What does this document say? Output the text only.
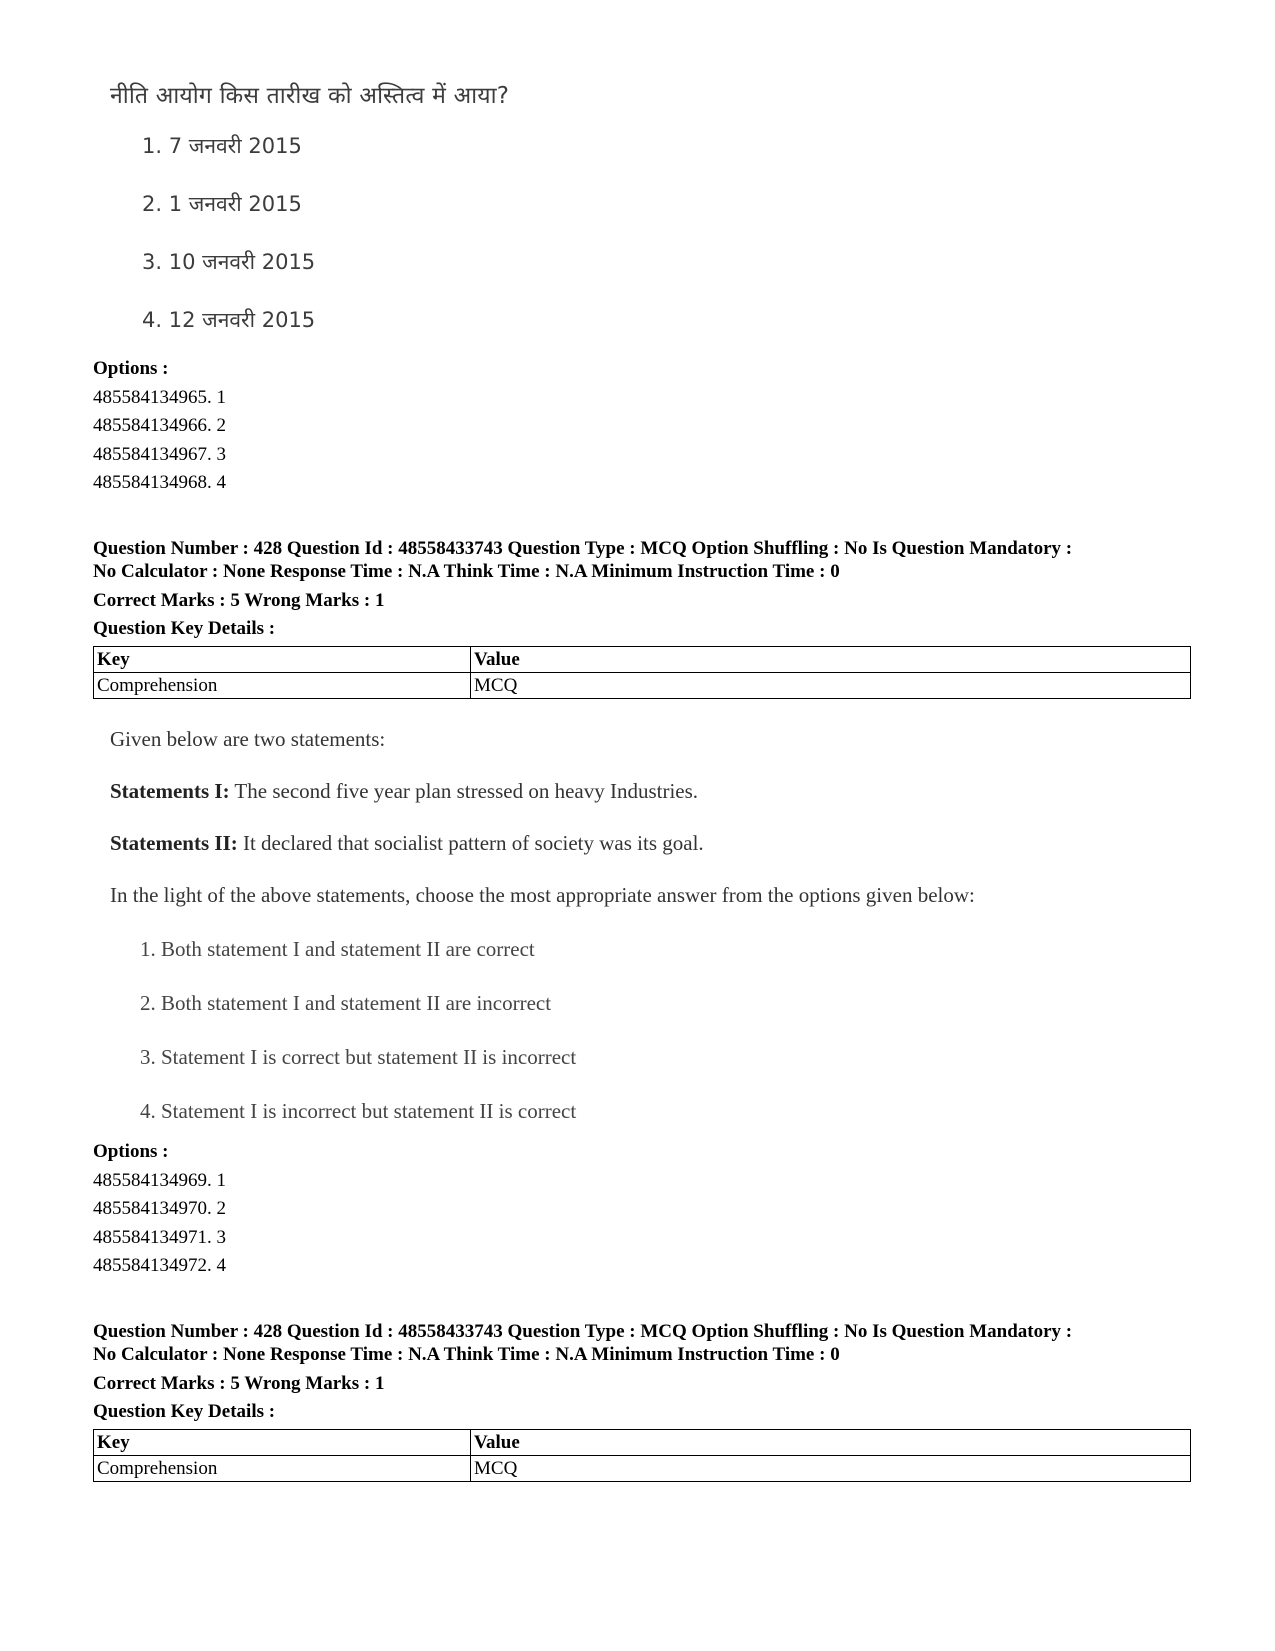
नीति आयोग किस तारीख को अस्तित्व में आया?

1. 7 जनवरी 2015
2. 1 जनवरी 2015
3. 10 जनवरी 2015
4. 12 जनवरी 2015
Options :
485584134965. 1
485584134966. 2
485584134967. 3
485584134968. 4
Question Number : 428 Question Id : 48558433743 Question Type : MCQ Option Shuffling : No Is Question Mandatory :
No Calculator : None Response Time : N.A Think Time : N.A Minimum Instruction Time : 0
Correct Marks : 5 Wrong Marks : 1
Question Key Details :
Key	Value
Comprehension	MCQ

Given below are two statements:

Statements I: The second five year plan stressed on heavy Industries.

Statements II: It declared that socialist pattern of society was its goal.

In the light of the above statements, choose the most appropriate answer from the options given below:

1. Both statement I and statement II are correct
2. Both statement I and statement II are incorrect
3. Statement I is correct but statement II is incorrect
4. Statement I is incorrect but statement II is correct
Options :
485584134969. 1
485584134970. 2
485584134971. 3
485584134972. 4
Question Number : 428 Question Id : 48558433743 Question Type : MCQ Option Shuffling : No Is Question Mandatory :
No Calculator : None Response Time : N.A Think Time : N.A Minimum Instruction Time : 0
Correct Marks : 5 Wrong Marks : 1
Question Key Details :
Key	Value
Comprehension	MCQ
